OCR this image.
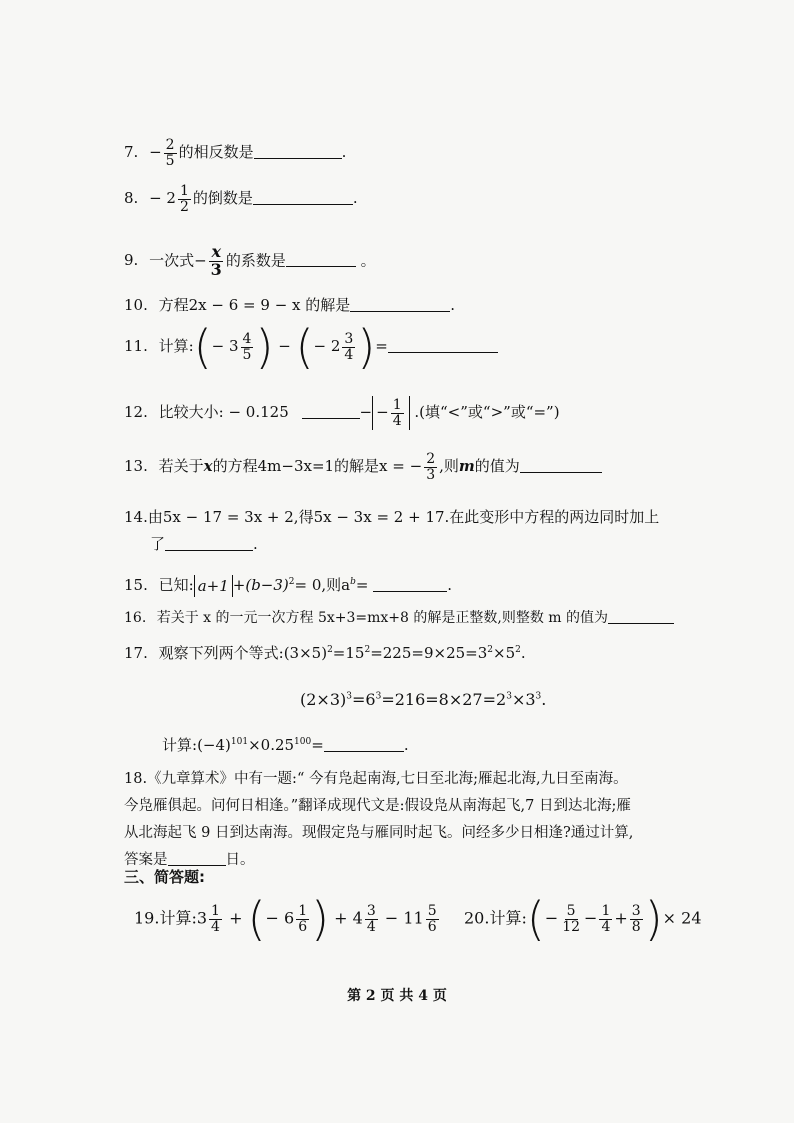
7. − $\frac{2}{5}$ 的相反数是	.
8. − $2 \frac{1}{2}$ 的倒数是	.
9. 一次式− $\frac{x}{3}$ 的系数是	。
10. 方程2x − 6 = 9 − x 的解是	.
11. 计算:(− $3 \frac{4}{5}$ ) − (− $2 \frac{3}{4}$ )=
12. 比较大小: − 0.125	− − $\frac{1}{4}$ .(填“<”或“>”或“=”)
13. 若关于x的方程4m−3x=1的解是x = − $\frac{2}{3}$ ,则m的值为
14.由5x − 17 = 3x + 2,得5x − 3x = 2 + 17.在此变形中方程的两边同时加上
了	.
15. 已知: $a+1 +(b-3)^2= 0$,则$a^b=$	.
16. 若关于 x 的一元一次方程 5x+3=mx+8 的解是正整数,则整数 m 的值为
17. 观察下列两个等式$:(3\times 5)^2=15^2=225=9\times 25=3^2\times 5^2$.
$(2\times 3)^3=6^3=216=8\times 27=2^3\times 3^3$.
计算$:(-4)^{101}\times 0.25^{100}=$	.
18.《九章算术》中有一题:“ 今有凫起南海,七日至北海;雁起北海,九日至南海。
今凫雁俱起。问何日相逢。”翻译成现代文是:假设凫从南海起飞,7 日到达北海;雁
从北海起飞 9 日到达南海。现假定凫与雁同时起飞。问经多少日相逢?通过计算,
答案是	日。
三、简答题:
19.计算:3 $\frac{1}{4}$ + (− $6 \frac{1}{6}$ ) + $4 \frac{3}{4} - 11 \frac{5}{6} 20$.计算:(− $\frac{5}{12} - \frac{1}{4} + \frac{3}{8}$ )× 24
第 2 页 共 4 页
